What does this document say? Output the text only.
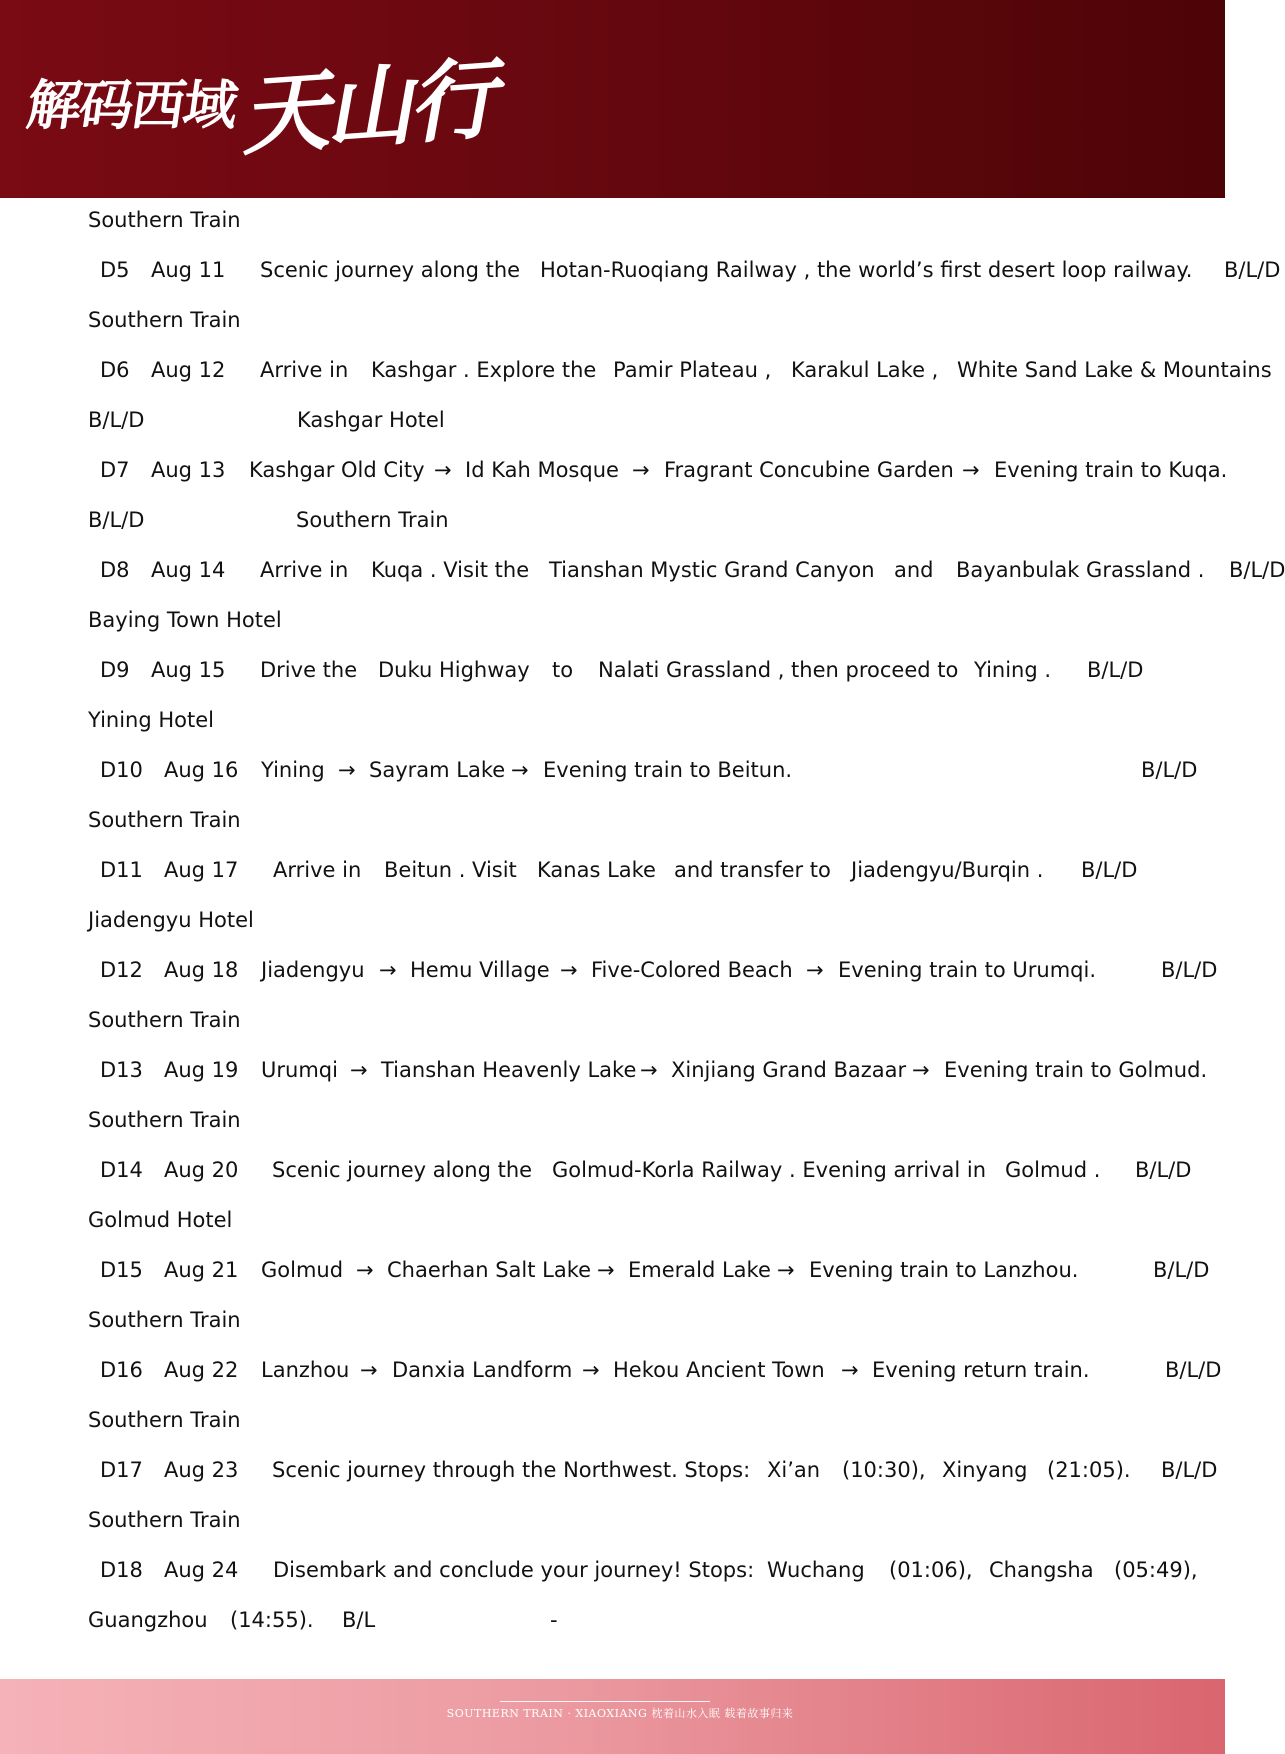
解码西域
天山行
Southern Train
D5 Aug 11 Scenic journey along the Hotan-Ruoqiang Railway , the world’s first desert loop railway. B/L/D
Southern Train
D6 Aug 12 Arrive in Kashgar . Explore the Pamir Plateau , Karakul Lake , White Sand Lake & Mountains
B/L/D	Kashgar Hotel
D7 Aug 13 Kashgar Old City → Id Kah Mosque → Fragrant Concubine Garden → Evening train to Kuqa.
B/L/D	Southern Train
D8 Aug 14 Arrive in Kuqa . Visit the Tianshan Mystic Grand Canyon and Bayanbulak Grassland . B/L/D
Baying Town Hotel
D9 Aug 15 Drive the Duku Highway to Nalati Grassland , then proceed to Yining . B/L/D
Yining Hotel
D10 Aug 16 Yining → Sayram Lake → Evening train to Beitun.	B/L/D
Southern Train
D11 Aug 17 Arrive in Beitun . Visit Kanas Lake and transfer to Jiadengyu/Burqin . B/L/D
Jiadengyu Hotel
D12 Aug 18 Jiadengyu → Hemu Village → Five-Colored Beach → Evening train to Urumqi.	B/L/D
Southern Train
D13 Aug 19 Urumqi → Tianshan Heavenly Lake → Xinjiang Grand Bazaar → Evening train to Golmud.
Southern Train
D14 Aug 20 Scenic journey along the Golmud-Korla Railway . Evening arrival in Golmud . B/L/D
Golmud Hotel
D15 Aug 21 Golmud → Chaerhan Salt Lake → Emerald Lake → Evening train to Lanzhou.	B/L/D
Southern Train
D16 Aug 22 Lanzhou → Danxia Landform → Hekou Ancient Town → Evening return train.	B/L/D
Southern Train
D17 Aug 23 Scenic journey through the Northwest. Stops: Xi’an (10:30), Xinyang (21:05). B/L/D
Southern Train
D18 Aug 24 Disembark and conclude your journey! Stops: Wuchang (01:06), Changsha (05:49),
Guangzhou (14:55). B/L	-
SOUTHERN TRAIN · XIAOXIANG 枕着山水入眠 载着故事归来
